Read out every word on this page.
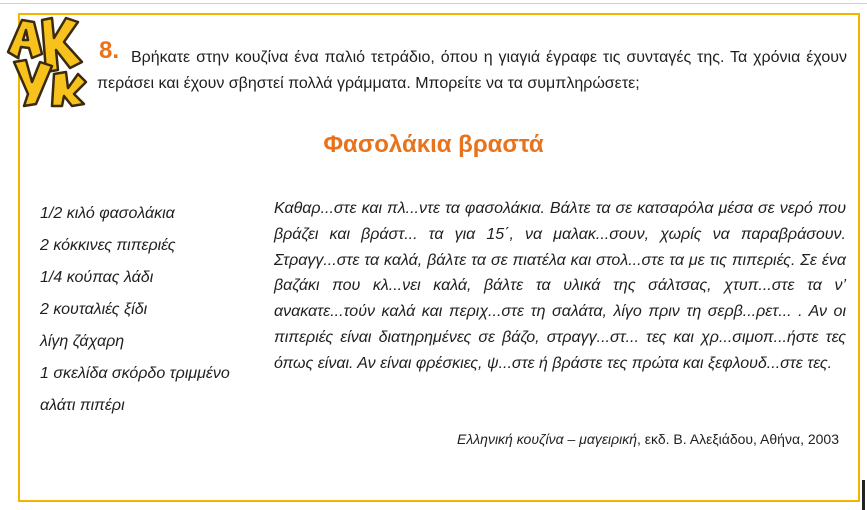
8. Βρήκατε στην κουζίνα ένα παλιό τετράδιο, όπου η γιαγιά έγραφε τις συνταγές της. Τα χρόνια έχουν περάσει και έχουν σβηστεί πολλά γράμματα. Μπορείτε να τα συμπληρώσετε;
Φασολάκια βραστά
1/2 κιλό φασολάκια
2 κόκκινες πιπεριές
1/4 κούπας λάδι
2 κουταλιές ξίδι
λίγη ζάχαρη
1 σκελίδα σκόρδο τριμμένο
αλάτι πιπέρι
Καθαρ...στε και πλ...ντε τα φασολάκια. Βάλτε τα σε κατσαρόλα μέσα σε νερό που βράζει και βράστ... τα για 15΄, να μαλακ...σουν, χωρίς να παραβράσουν. Στραγγ...στε τα καλά, βάλτε τα σε πιατέλα και στολ...στε τα με τις πιπεριές. Σε ένα βαζάκι που κλ...νει καλά, βάλτε τα υλικά της σάλτσας, χτυπ...στε τα ν’ ανακατε...τούν καλά και περιχ...στε τη σαλάτα, λίγο πριν τη σερβ...ρετ... . Αν οι πιπεριές είναι διατηρημένες σε βάζο, στραγγ...στ... τες και χρ...σιμοπ...ήστε τες όπως είναι. Αν είναι φρέσκιες, ψ...στε ή βράστε τες πρώτα και ξεφλουδ...στε τες.
Ελληνική κουζίνα – μαγειρική, εκδ. Β. Αλεξιάδου, Αθήνα, 2003
